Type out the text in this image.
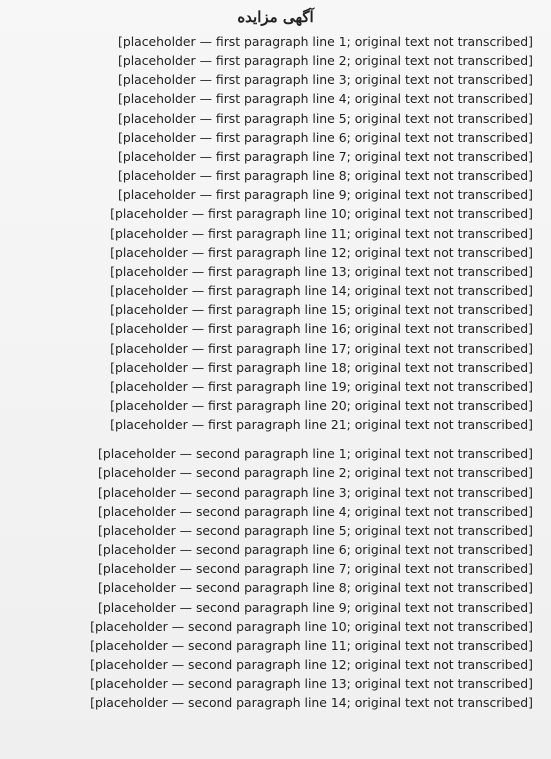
آگهی مزایده
[placeholder — first paragraph line 1; original text not transcribed]
[placeholder — first paragraph line 2; original text not transcribed]
[placeholder — first paragraph line 3; original text not transcribed]
[placeholder — first paragraph line 4; original text not transcribed]
[placeholder — first paragraph line 5; original text not transcribed]
[placeholder — first paragraph line 6; original text not transcribed]
[placeholder — first paragraph line 7; original text not transcribed]
[placeholder — first paragraph line 8; original text not transcribed]
[placeholder — first paragraph line 9; original text not transcribed]
[placeholder — first paragraph line 10; original text not transcribed]
[placeholder — first paragraph line 11; original text not transcribed]
[placeholder — first paragraph line 12; original text not transcribed]
[placeholder — first paragraph line 13; original text not transcribed]
[placeholder — first paragraph line 14; original text not transcribed]
[placeholder — first paragraph line 15; original text not transcribed]
[placeholder — first paragraph line 16; original text not transcribed]
[placeholder — first paragraph line 17; original text not transcribed]
[placeholder — first paragraph line 18; original text not transcribed]
[placeholder — first paragraph line 19; original text not transcribed]
[placeholder — first paragraph line 20; original text not transcribed]
[placeholder — first paragraph line 21; original text not transcribed]
[placeholder — second paragraph line 1; original text not transcribed]
[placeholder — second paragraph line 2; original text not transcribed]
[placeholder — second paragraph line 3; original text not transcribed]
[placeholder — second paragraph line 4; original text not transcribed]
[placeholder — second paragraph line 5; original text not transcribed]
[placeholder — second paragraph line 6; original text not transcribed]
[placeholder — second paragraph line 7; original text not transcribed]
[placeholder — second paragraph line 8; original text not transcribed]
[placeholder — second paragraph line 9; original text not transcribed]
[placeholder — second paragraph line 10; original text not transcribed]
[placeholder — second paragraph line 11; original text not transcribed]
[placeholder — second paragraph line 12; original text not transcribed]
[placeholder — second paragraph line 13; original text not transcribed]
[placeholder — second paragraph line 14; original text not transcribed]
